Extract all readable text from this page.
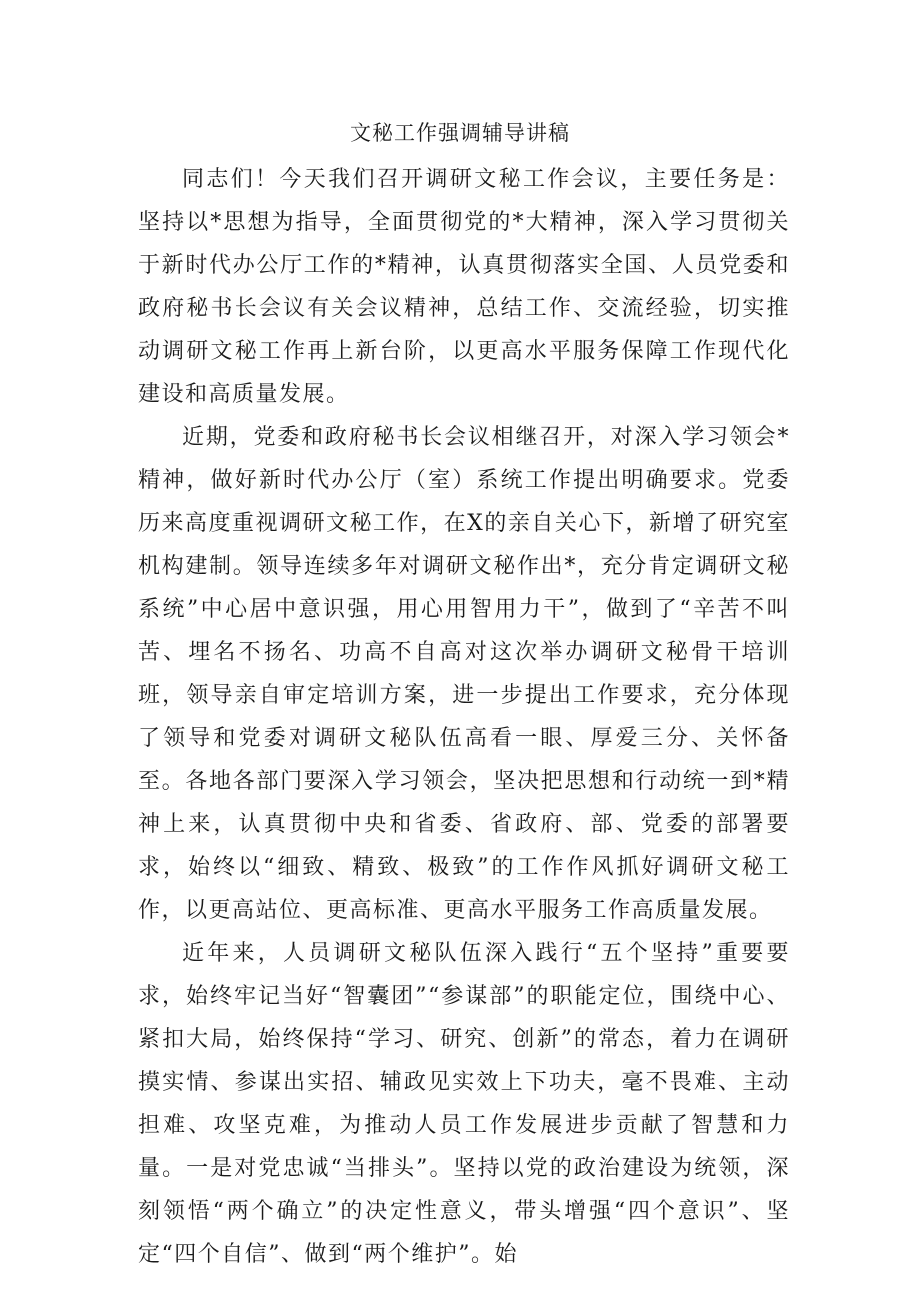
文秘工作强调辅导讲稿

同志们！今天我们召开调研文秘工作会议，主要任务是：坚持以*思想为指导，全面贯彻党的*大精神，深入学习贯彻关于新时代办公厅工作的*精神，认真贯彻落实全国、人员党委和政府秘书长会议有关会议精神，总结工作、交流经验，切实推动调研文秘工作再上新台阶，以更高水平服务保障工作现代化建设和高质量发展。

近期，党委和政府秘书长会议相继召开，对深入学习领会*精神，做好新时代办公厅（室）系统工作提出明确要求。党委历来高度重视调研文秘工作，在X的亲自关心下，新增了研究室机构建制。领导连续多年对调研文秘作出*，充分肯定调研文秘系统”中心居中意识强，用心用智用力干”，做到了“辛苦不叫苦、埋名不扬名、功高不自高对这次举办调研文秘骨干培训班，领导亲自审定培训方案，进一步提出工作要求，充分体现了领导和党委对调研文秘队伍高看一眼、厚爱三分、关怀备至。各地各部门要深入学习领会，坚决把思想和行动统一到*精神上来，认真贯彻中央和省委、省政府、部、党委的部署要求，始终以“细致、精致、极致”的工作作风抓好调研文秘工作，以更高站位、更高标准、更高水平服务工作高质量发展。

近年来，人员调研文秘队伍深入践行“五个坚持”重要要求，始终牢记当好“智囊团”“参谋部”的职能定位，围绕中心、紧扣大局，始终保持“学习、研究、创新”的常态，着力在调研摸实情、参谋出实招、辅政见实效上下功夫，毫不畏难、主动担难、攻坚克难，为推动人员工作发展进步贡献了智慧和力量。一是对党忠诚“当排头”。坚持以党的政治建设为统领，深刻领悟“两个确立”的决定性意义，带头增强“四个意识”、坚定“四个自信”、做到“两个维护”。始
